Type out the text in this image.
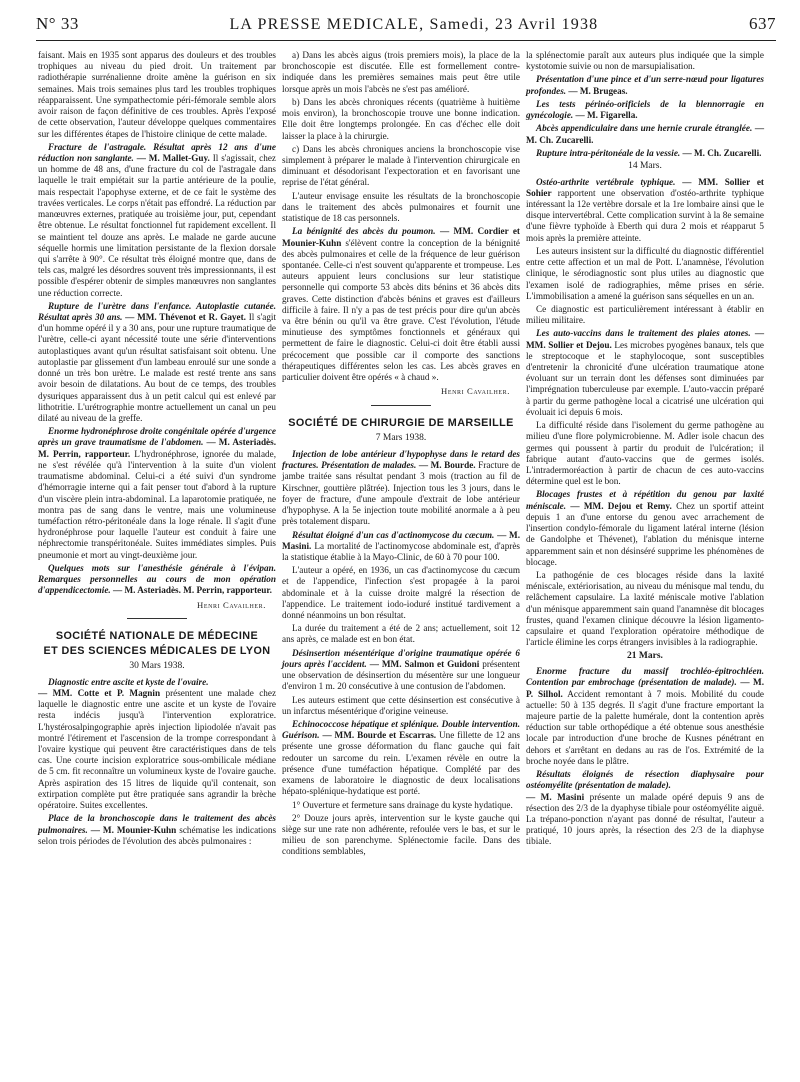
N° 33	LA PRESSE MEDICALE, Samedi, 23 Avril 1938	637

faisant. Mais en 1935 sont apparus des douleurs et des troubles trophiques au niveau du pied droit. Un traitement par radiothérapie surrénalienne droite amène la guérison en six semaines. Mais trois semaines plus tard les troubles trophiques réapparaissent. Une sympathectomie péri-fémorale semble alors avoir raison de façon définitive de ces troubles. Après l'exposé de cette observation, l'auteur développe quelques commentaires sur les différentes étapes de l'histoire clinique de cette malade.

Fracture de l'astragale. Résultat après 12 ans d'une réduction non sanglante. — M. Mallet-Guy. Il s'agissait, chez un homme de 48 ans, d'une fracture du col de l'astragale dans laquelle le trait empiétait sur la partie antérieure de la poulie, mais respectait l'apophyse externe, et de ce fait le système des travées verticales. Le corps n'était pas effondré. La réduction par manœuvres externes, pratiquée au troisième jour, put, cependant être obtenue. Le résultat fonctionnel fut rapidement excellent. Il se maintient tel douze ans après. Le malade ne garde aucune séquelle hormis une limitation persistante de la flexion dorsale qui s'arrête à 90°. Ce résultat très éloigné montre que, dans de tels cas, malgré les désordres souvent très impressionnants, il est possible d'espérer obtenir de simples manœuvres non sanglantes une réduction correcte.

Rupture de l'urètre dans l'enfance. Autoplastie cutanée. Résultat après 30 ans. — MM. Thévenot et R. Gayet. Il s'agit d'un homme opéré il y a 30 ans, pour une rupture traumatique de l'urètre, celle-ci ayant nécessité toute une série d'interventions autoplastiques avant qu'un résultat satisfaisant soit obtenu. Une autoplastie par glissement d'un lambeau enroulé sur une sonde a donné un très bon urètre. Le malade est resté trente ans sans avoir besoin de dilatations. Au bout de ce temps, des troubles dysuriques apparaissent dus à un petit calcul qui est enlevé par lithotritie. L'urétrographie montre actuellement un canal un peu dilaté au niveau de la greffe.

Enorme hydronéphrose droite congénitale opérée d'urgence après un grave traumatisme de l'abdomen. — M. Asteriadès. M. Perrin, rapporteur. L'hydronéphrose, ignorée du malade, ne s'est révélée qu'à l'intervention à la suite d'un violent traumatisme abdominal. Celui-ci a été suivi d'un syndrome d'hémorragie interne qui a fait penser tout d'abord à la rupture d'un viscère plein intra-abdominal. La laparotomie pratiquée, ne montra pas de sang dans le ventre, mais une volumineuse tuméfaction rétro-péritonéale dans la loge rénale. Il s'agit d'une hydronéphrose pour laquelle l'auteur est conduit à faire une néphrectomie transpéritonéale. Suites immédiates simples. Puis pneumonie et mort au vingt-deuxième jour.

Quelques mots sur l'anesthésie générale à l'évipan. Remarques personnelles au cours de mon opération d'appendicectomie. — M. Asteriadès. M. Perrin, rapporteur.

Henri Cavailher.
SOCIÉTÉ NATIONALE DE MÉDECINE
ET DES SCIENCES MÉDICALES DE LYON
30 Mars 1938.

Diagnostic entre ascite et kyste de l'ovaire.
— MM. Cotte et P. Magnin présentent une malade chez laquelle le diagnostic entre une ascite et un kyste de l'ovaire resta indécis jusqu'à l'intervention exploratrice. L'hystérosalpingographie après injection lipiodolée n'avait pas montré l'étirement et l'ascension de la trompe correspondant à l'ovaire kystique qui peuvent être caractéristiques dans de tels cas. Une courte incision exploratrice sous-ombilicale médiane de 5 cm. fit reconnaître un volumineux kyste de l'ovaire gauche. Après aspiration des 15 litres de liquide qu'il contenait, son extirpation complète put être pratiquée sans agrandir la brèche opératoire. Suites excellentes.

Place de la bronchoscopie dans le traitement des abcès pulmonaires. — M. Mounier-Kuhn schématise les indications selon trois périodes de l'évolution des abcès pulmonaires :

a) Dans les abcès aigus (trois premiers mois), la place de la bronchoscopie est discutée. Elle est formellement contre-indiquée dans les premières semaines mais peut être utile lorsque après un mois l'abcès ne s'est pas amélioré.

b) Dans les abcès chroniques récents (quatrième à huitième mois environ), la bronchoscopie trouve une bonne indication. Elle doit être longtemps prolongée. En cas d'échec elle doit laisser la place à la chirurgie.

c) Dans les abcès chroniques anciens la bronchoscopie vise simplement à préparer le malade à l'intervention chirurgicale en diminuant et désodorisant l'expectoration et en favorisant une reprise de l'état général.

L'auteur envisage ensuite les résultats de la bronchoscopie dans le traitement des abcès pulmonaires et fournit une statistique de 18 cas personnels.

La bénignité des abcès du poumon. — MM. Cordier et Mounier-Kuhn s'élèvent contre la conception de la bénignité des abcès pulmonaires et celle de la fréquence de leur guérison spontanée. Celle-ci n'est souvent qu'apparente et trompeuse. Les auteurs appuient leurs conclusions sur leur statistique personnelle qui comporte 53 abcès dits bénins et 36 abcès dits graves. Cette distinction d'abcès bénins et graves est d'ailleurs difficile à faire. Il n'y a pas de test précis pour dire qu'un abcès va être bénin ou qu'il va être grave. C'est l'évolution, l'étude minutieuse des symptômes fonctionnels et généraux qui permettent de faire le diagnostic. Celui-ci doit être établi aussi précocement que possible car il comporte des sanctions thérapeutiques différentes selon les cas. Les abcès graves en particulier doivent être opérés « à chaud ».

Henri Cavailher.
SOCIÉTÉ DE CHIRURGIE DE MARSEILLE
7 Mars 1938.

Injection de lobe antérieur d'hypophyse dans le retard des fractures. Présentation de malades. — M. Bourde. Fracture de jambe traitée sans résultat pendant 3 mois (traction au fil de Kirschner, gouttière plâtrée). Injection tous les 3 jours, dans le foyer de fracture, d'une ampoule d'extrait de lobe antérieur d'hypophyse. A la 5e injection toute mobilité anormale a à peu près totalement disparu.

Résultat éloigné d'un cas d'actinomycose du cæcum. — M. Masini. La mortalité de l'actinomycose abdominale est, d'après la statistique établie à la Mayo-Clinic, de 60 à 70 pour 100.

L'auteur a opéré, en 1936, un cas d'actinomycose du cæcum et de l'appendice, l'infection s'est propagée à la paroi abdominale et à la cuisse droite malgré la résection de l'appendice. Le traitement iodo-ioduré institué tardivement a donné néanmoins un bon résultat.

La durée du traitement a été de 2 ans; actuellement, soit 12 ans après, ce malade est en bon état.

Désinsertion mésentérique d'origine traumatique opérée 6 jours après l'accident. — MM. Salmon et Guidoni présentent une observation de désinsertion du mésentère sur une longueur d'environ 1 m. 20 consécutive à une contusion de l'abdomen.

Les auteurs estiment que cette désinsertion est consécutive à un infarctus mésentérique d'origine veineuse.

Echinococcose hépatique et splénique. Double intervention. Guérison. — MM. Bourde et Escarras. Une fillette de 12 ans présente une grosse déformation du flanc gauche qui fait redouter un sarcome du rein. L'examen révèle en outre la présence d'une tuméfaction hépatique. Complété par des examens de laboratoire le diagnostic de deux localisations hépato-splénique-hydatique est porté.

1° Ouverture et fermeture sans drainage du kyste hydatique.

2° Douze jours après, intervention sur le kyste gauche qui siège sur une rate non adhérente, refoulée vers le bas, et sur le milieu de son parenchyme. Splénectomie facile. Dans des conditions semblables,

la splénectomie paraît aux auteurs plus indiquée que la simple kystotomie suivie ou non de marsupialisation.

Présentation d'une pince et d'un serre-nœud pour ligatures profondes. — M. Brugeas.

Les tests périnéo-orificiels de la blennorragie en gynécologie. — M. Figarella.

Abcès appendiculaire dans une hernie crurale étranglée. — M. Ch. Zucarelli.

Rupture intra-péritonéale de la vessie. — M. Ch. Zucarelli.

14 Mars.

Ostéo-arthrite vertébrale typhique. — MM. Sollier et Sohier rapportent une observation d'ostéo-arthrite typhique intéressant la 12e vertèbre dorsale et la 1re lombaire ainsi que le disque intervertébral. Cette complication survint à la 8e semaine d'une fièvre typhoïde à Eberth qui dura 2 mois et réapparut 5 mois après la première atteinte.

Les auteurs insistent sur la difficulté du diagnostic différentiel entre cette affection et un mal de Pott. L'anamnèse, l'évolution clinique, le sérodiagnostic sont plus utiles au diagnostic que l'examen isolé de radiographies, même prises en série. L'immobilisation a amené la guérison sans séquelles en un an.

Ce diagnostic est particulièrement intéressant à établir en milieu militaire.

Les auto-vaccins dans le traitement des plaies atones. — MM. Sollier et Dejou. Les microbes pyogènes banaux, tels que le streptocoque et le staphylocoque, sont susceptibles d'entretenir la chronicité d'une ulcération traumatique atone évoluant sur un terrain dont les défenses sont diminuées par l'imprégnation tuberculeuse par exemple. L'auto-vaccin préparé à partir du germe pathogène local a cicatrisé une ulcération qui évoluait ici depuis 6 mois.

La difficulté réside dans l'isolement du germe pathogène au milieu d'une flore polymicrobienne. M. Adler isole chacun des germes qui poussent à partir du produit de l'ulcération; il fabrique autant d'auto-vaccins que de germes isolés. L'intradermoréaction à partir de chacun de ces auto-vaccins détermine quel est le bon.

Blocages frustes et à répétition du genou par laxité méniscale. — MM. Dejou et Remy. Chez un sportif atteint depuis 1 an d'une entorse du genou avec arrachement de l'insertion condylo-fémorale du ligament latéral interne (lésion de Gandolphe et Thévenet), l'ablation du ménisque interne apparemment sain et non désinséré supprime les phénomènes de blocage.

La pathogénie de ces blocages réside dans la laxité méniscale, extériorisation, au niveau du ménisque mal tendu, du relâchement capsulaire. La laxité méniscale motive l'ablation d'un ménisque apparemment sain quand l'anamnèse dit blocages frustes, quand l'examen clinique découvre la lésion ligamento-capsulaire et quand l'exploration opératoire méthodique de l'article élimine les corps étrangers invisibles à la radiographie.

21 Mars.

Enorme fracture du massif trochléo-épitrochléen. Contention par embrochage (présentation de malade). — M. P. Silhol. Accident remontant à 7 mois. Mobilité du coude actuelle: 50 à 135 degrés. Il s'agit d'une fracture emportant la majeure partie de la palette humérale, dont la contention après réduction sur table orthopédique a été obtenue sous anesthésie locale par introduction d'une broche de Kusnes pénétrant en dehors et s'arrêtant en dedans au ras de l'os. Extrémité de la broche noyée dans le plâtre.

Résultats éloignés de résection diaphysaire pour ostéomyélite (présentation de malade).
— M. Masini présente un malade opéré depuis 9 ans de résection des 2/3 de la dyaphyse tibiale pour ostéomyélite aiguë. La trépano-ponction n'ayant pas donné de résultat, l'auteur a pratiqué, 10 jours après, la résection des 2/3 de la diaphyse tibiale.
